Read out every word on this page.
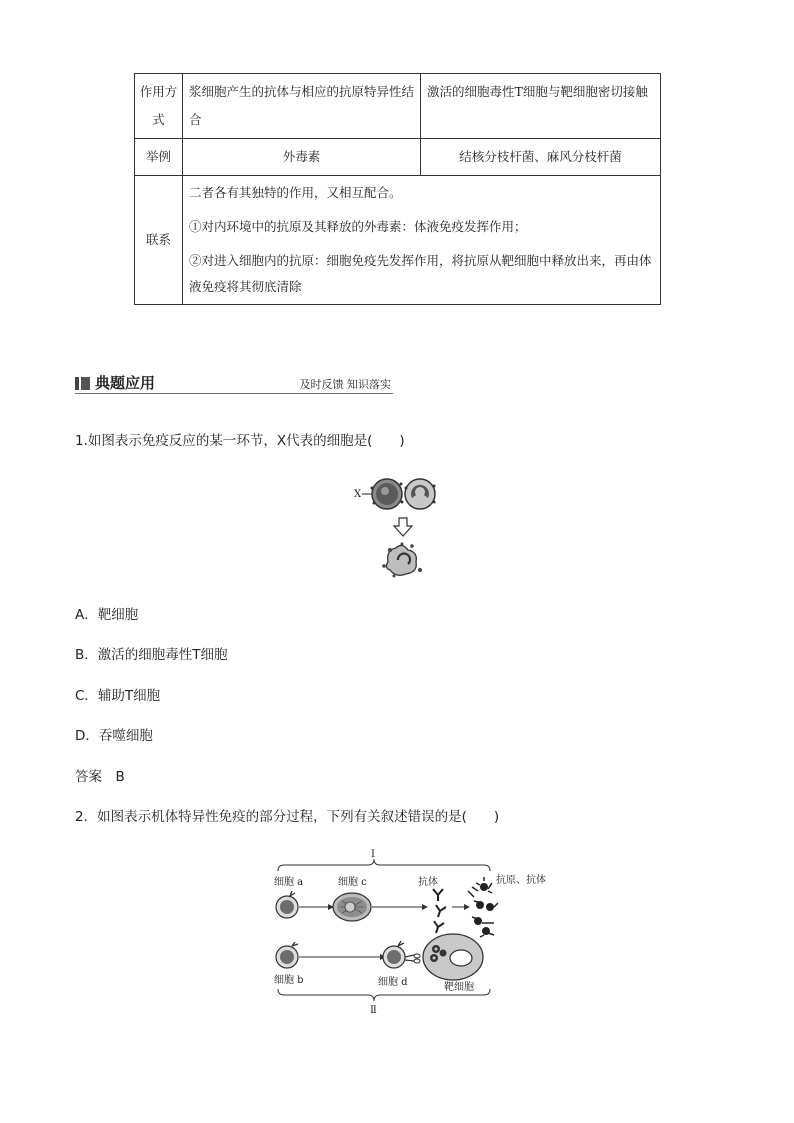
作用方式	浆细胞产生的抗体与相应的抗原特异性结合	激活的细胞毒性T细胞与靶细胞密切接触
举例	外毒素	结核分枝杆菌、麻风分枝杆菌
联系	二者各有其独特的作用，又相互配合。
①对内环境中的抗原及其释放的外毒素：体液免疫发挥作用；
②对进入细胞内的抗原：细胞免疫先发挥作用，将抗原从靶细胞中释放出来，再由体液免疫将其彻底清除	
典题应用	及时反馈 知识落实
1.如图表示免疫反应的某一环节，X代表的细胞是(　　)
X
A．靶细胞
B．激活的细胞毒性T细胞
C．辅助T细胞
D．吞噬细胞
答案　B
2．如图表示机体特异性免疫的部分过程，下列有关叙述错误的是(　　)
Ⅰ
细胞 a	细胞 c	抗体	抗原、抗体
细胞 b	细胞 d	靶细胞
Ⅱ
